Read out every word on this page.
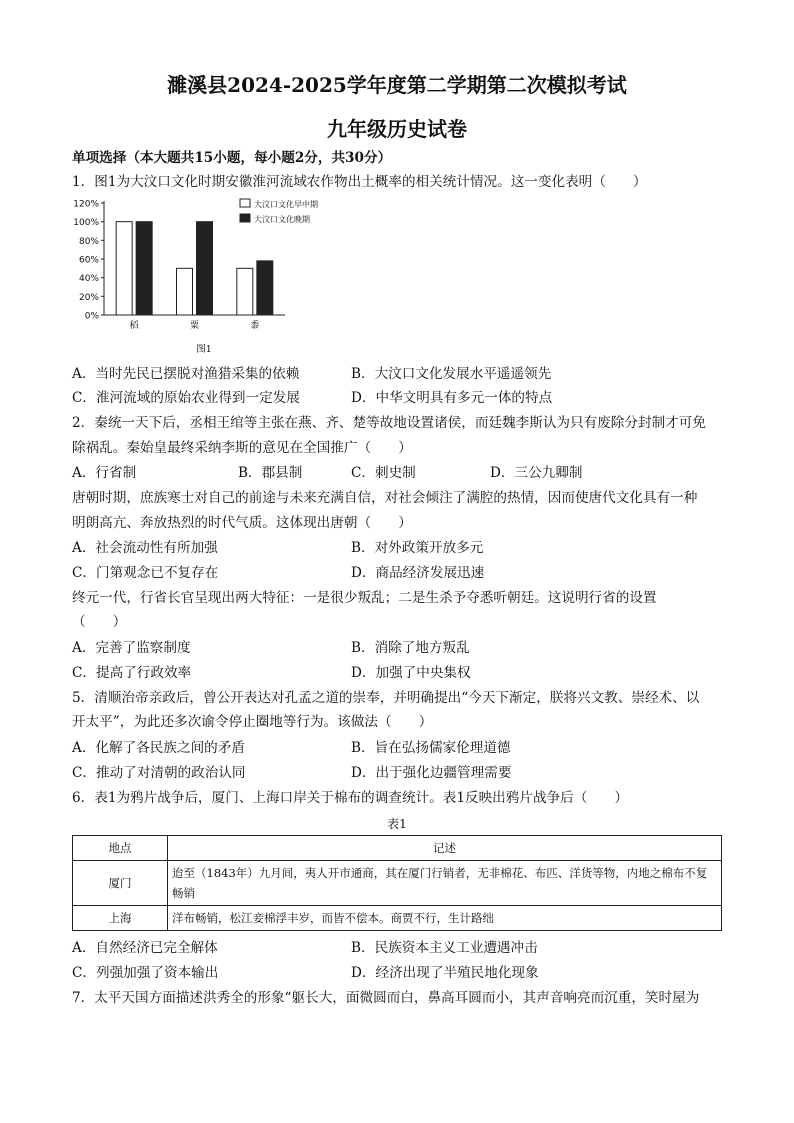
濉溪县2024-2025学年度第二学期第二次模拟考试
九年级历史试卷
单项选择（本大题共15小题，每小题2分，共30分）
1．图1为大汶口文化时期安徽淮河流域农作物出土概率的相关统计情况。这一变化表明（　　）
0%
20%
40%
60%
80%
100%
120%
稻	粟	黍
大汶口文化早中期
大汶口文化晚期
图1
A．当时先民已摆脱对渔猎采集的依赖	B．大汶口文化发展水平遥遥领先
C．淮河流域的原始农业得到一定发展	D．中华文明具有多元一体的特点
2．秦统一天下后，丞相王绾等主张在燕、齐、楚等故地设置诸侯，而廷魏李斯认为只有废除分封制才可免
除祸乱。秦始皇最终采纳李斯的意见在全国推广（　　）
A．行省制	B．郡县制	C．刺史制	D．三公九卿制
唐朝时期，庶族寒士对自己的前途与未来充满自信，对社会倾注了满腔的热情，因而使唐代文化具有一种
明朗高亢、奔放热烈的时代气质。这体现出唐朝（　　）
A．社会流动性有所加强	B．对外政策开放多元
C．门第观念已不复存在	D．商品经济发展迅速
终元一代，行省长官呈现出两大特征：一是很少叛乱；二是生杀予夺悉听朝廷。这说明行省的设置
（　　）
A．完善了监察制度	B．消除了地方叛乱
C．提高了行政效率	D．加强了中央集权
5．清顺治帝亲政后，曾公开表达对孔孟之道的崇奉，并明确提出“今天下渐定，朕将兴文教、崇经术、以
开太平”，为此还多次谕令停止圈地等行为。该做法（　　）
A．化解了各民族之间的矛盾	B．旨在弘扬儒家伦理道德
C．推动了对清朝的政治认同	D．出于强化边疆管理需要
6．表1为鸦片战争后，厦门、上海口岸关于棉布的调查统计。表1反映出鸦片战争后（　　）
表1
地点	记述
厦门	迨至（1843年）九月间，夷人开市通商，其在厦门行销者，无非棉花、布匹、洋货等物，内地之棉布不复畅销
上海	洋布畅销，松江妾棉浮丰岁，而皆不偿本。商贾不行，生计路绌
A．自然经济已完全解体	B．民族资本主义工业遭遇冲击
C．列强加强了资本输出	D．经济出现了半殖民地化现象
7．太平天国方面描述洪秀全的形象“躯长大，面微圆而白，鼻高耳圆而小，其声音响亮而沉重，笑时屋为
